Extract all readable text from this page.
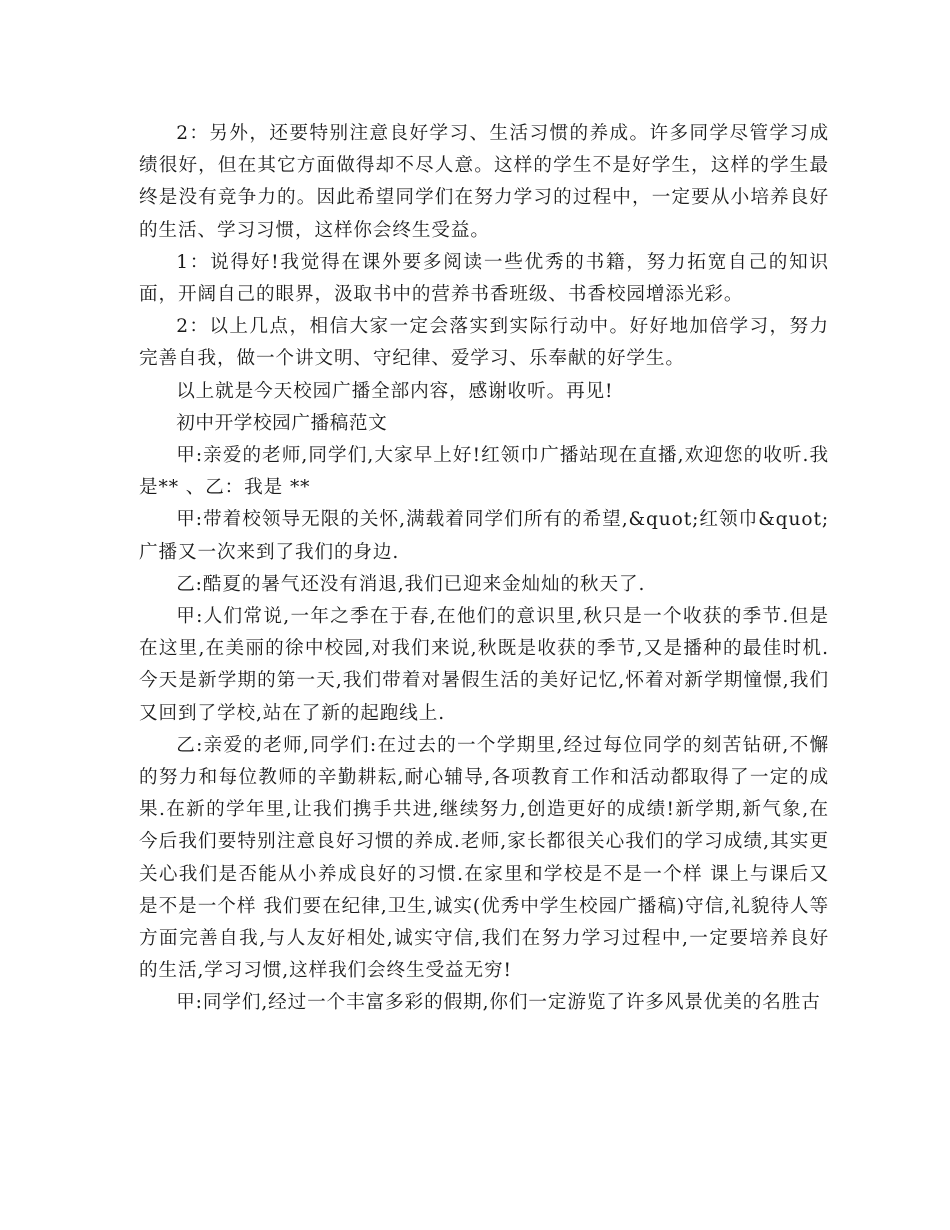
2：另外，还要特别注意良好学习、生活习惯的养成。许多同学尽管学习成绩很好，但在其它方面做得却不尽人意。这样的学生不是好学生，这样的学生最终是没有竞争力的。因此希望同学们在努力学习的过程中，一定要从小培养良好的生活、学习习惯，这样你会终生受益。

1：说得好!我觉得在课外要多阅读一些优秀的书籍，努力拓宽自己的知识面，开阔自己的眼界，汲取书中的营养书香班级、书香校园增添光彩。

2：以上几点，相信大家一定会落实到实际行动中。好好地加倍学习，努力完善自我，做一个讲文明、守纪律、爱学习、乐奉献的好学生。

以上就是今天校园广播全部内容，感谢收听。再见!

初中开学校园广播稿范文

甲:亲爱的老师,同学们,大家早上好!红领巾广播站现在直播,欢迎您的收听.我是** 、乙：我是 **

甲:带着校领导无限的关怀,满载着同学们所有的希望,&quot;红领巾&quot;广播又一次来到了我们的身边.

乙:酷夏的暑气还没有消退,我们已迎来金灿灿的秋天了.

甲:人们常说,一年之季在于春,在他们的意识里,秋只是一个收获的季节.但是在这里,在美丽的徐中校园,对我们来说,秋既是收获的季节,又是播种的最佳时机.今天是新学期的第一天,我们带着对暑假生活的美好记忆,怀着对新学期憧憬,我们又回到了学校,站在了新的起跑线上.

乙:亲爱的老师,同学们:在过去的一个学期里,经过每位同学的刻苦钻研,不懈的努力和每位教师的辛勤耕耘,耐心辅导,各项教育工作和活动都取得了一定的成果.在新的学年里,让我们携手共进,继续努力,创造更好的成绩!新学期,新气象,在今后我们要特别注意良好习惯的养成.老师,家长都很关心我们的学习成绩,其实更关心我们是否能从小养成良好的习惯.在家里和学校是不是一个样 课上与课后又是不是一个样 我们要在纪律,卫生,诚实(优秀中学生校园广播稿)守信,礼貌待人等方面完善自我,与人友好相处,诚实守信,我们在努力学习过程中,一定要培养良好的生活,学习习惯,这样我们会终生受益无穷!

甲:同学们,经过一个丰富多彩的假期,你们一定游览了许多风景优美的名胜古
